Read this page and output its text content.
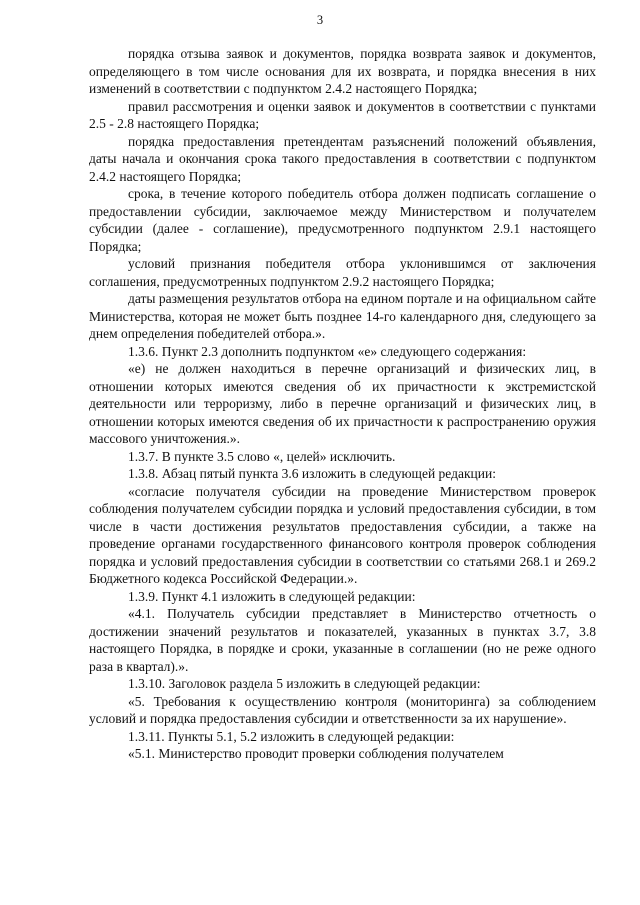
3

порядка отзыва заявок и документов, порядка возврата заявок и документов, определяющего в том числе основания для их возврата, и порядка внесения в них изменений в соответствии с подпунктом 2.4.2 настоящего Порядка;

правил рассмотрения и оценки заявок и документов в соответствии с пунктами 2.5 - 2.8 настоящего Порядка;

порядка предоставления претендентам разъяснений положений объявления, даты начала и окончания срока такого предоставления в соответствии с подпунктом 2.4.2 настоящего Порядка;

срока, в течение которого победитель отбора должен подписать соглашение о предоставлении субсидии, заключаемое между Министерством и получателем субсидии (далее - соглашение), предусмотренного подпунктом 2.9.1 настоящего Порядка;

условий признания победителя отбора уклонившимся от заключения соглашения, предусмотренных подпунктом 2.9.2 настоящего Порядка;

даты размещения результатов отбора на едином портале и на официальном сайте Министерства, которая не может быть позднее 14-го календарного дня, следующего за днем определения победителей отбора.».

1.3.6. Пункт 2.3 дополнить подпунктом «е» следующего содержания:

«е) не должен находиться в перечне организаций и физических лиц, в отношении которых имеются сведения об их причастности к экстремистской деятельности или терроризму, либо в перечне организаций и физических лиц, в отношении которых имеются сведения об их причастности к распространению оружия массового уничтожения.».

1.3.7. В пункте 3.5 слово «, целей» исключить.

1.3.8. Абзац пятый пункта 3.6 изложить в следующей редакции:

«согласие получателя субсидии на проведение Министерством проверок соблюдения получателем субсидии порядка и условий предоставления субсидии, в том числе в части достижения результатов предоставления субсидии, а также на проведение органами государственного финансового контроля проверок соблюдения порядка и условий предоставления субсидии в соответствии со статьями 268.1 и 269.2 Бюджетного кодекса Российской Федерации.».

1.3.9. Пункт 4.1 изложить в следующей редакции:

«4.1. Получатель субсидии представляет в Министерство отчетность о достижении значений результатов и показателей, указанных в пунктах 3.7, 3.8 настоящего Порядка, в порядке и сроки, указанные в соглашении (но не реже одного раза в квартал).».

1.3.10. Заголовок раздела 5 изложить в следующей редакции:

«5. Требования к осуществлению контроля (мониторинга) за соблюдением условий и порядка предоставления субсидии и ответственности за их нарушение».

1.3.11. Пункты 5.1, 5.2 изложить в следующей редакции:

«5.1. Министерство проводит проверки соблюдения получателем
